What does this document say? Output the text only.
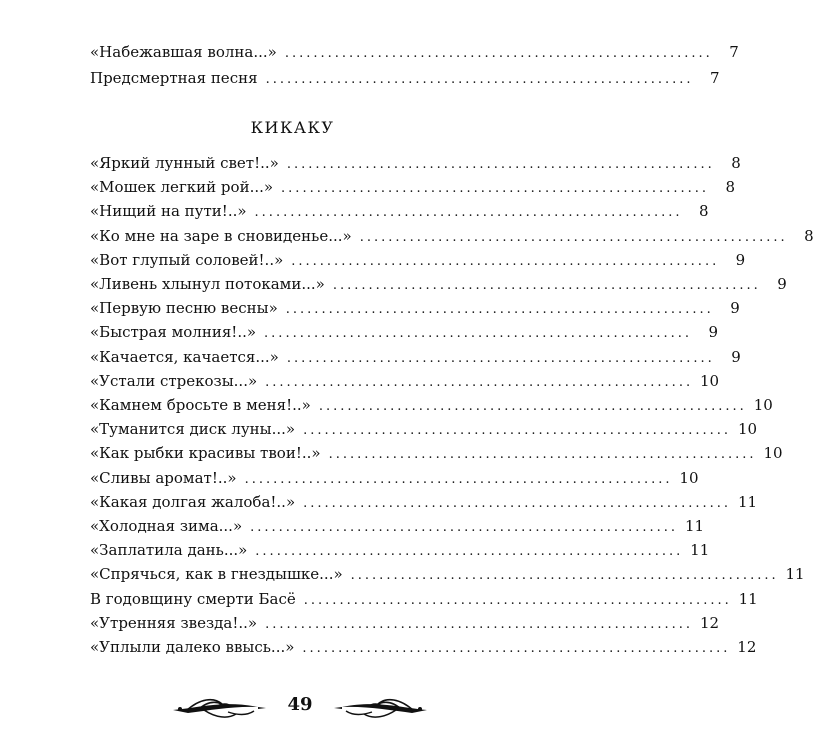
«Набежавшая волна...» ............................................................	7
Предсмертная песня ............................................................	7
КИКАКУ
«Яркий лунный свет!..» ............................................................	8
«Мошек легкий рой...» ............................................................	8
«Нищий на пути!..» ............................................................	8
«Ко мне на заре в сновиденье...» ............................................................	8
«Вот глупый соловей!..» ............................................................	9
«Ливень хлынул потоками...» ............................................................	9
«Первую песню весны» ............................................................	9
«Быстрая молния!..» ............................................................	9
«Качается, качается...» ............................................................	9
«Устали стрекозы...» ............................................................ 10
«Камнем бросьте в меня!..» ............................................................ 10
«Туманится диск луны...» ............................................................ 10
«Как рыбки красивы твои!..» ............................................................ 10
«Сливы аромат!..» ............................................................ 10
«Какая долгая жалоба!..» ............................................................ 11
«Холодная зима...» ............................................................ 11
«Заплатила дань...» ............................................................ 11
«Спрячься, как в гнездышке...» ............................................................ 11
В годовщину смерти Басё ............................................................ 11
«Утренняя звезда!..» ............................................................ 12
«Уплыли далеко ввысь...» ............................................................ 12
49
